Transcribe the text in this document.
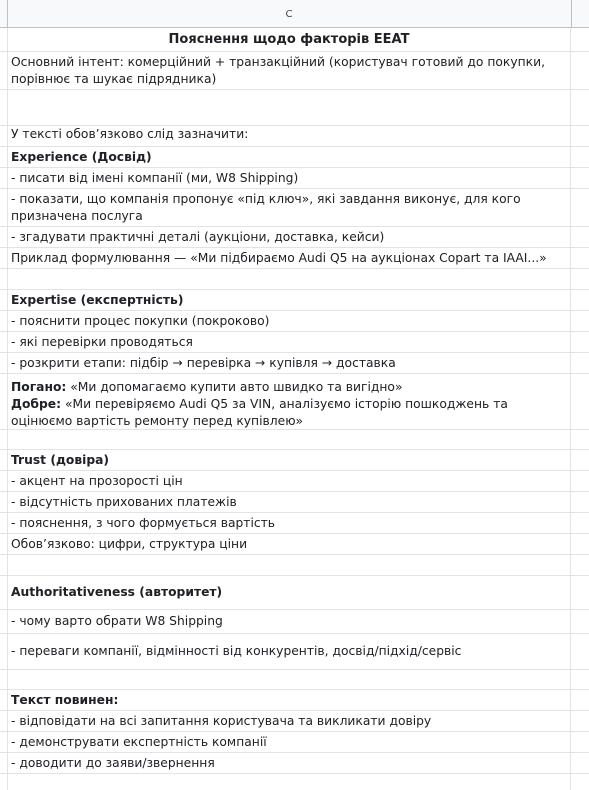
C
Пояснення щодо факторів EEAT
Основний інтент: комерційний + транзакційний (користувач готовий до покупки, порівнює та шукає підрядника)
У тексті обов’язково слід зазначити:
Experience (Досвід)
- писати від імені компанії (ми, W8 Shipping)
- показати, що компанія пропонує «під ключ», які завдання виконує, для кого призначена послуга
- згадувати практичні деталі (аукціони, доставка, кейси)
Приклад формулювання — «Ми підбираємо Audi Q5 на аукціонах Copart та IAAI...»
Expertise (експертність)
- пояснити процес покупки (покроково)
- які перевірки проводяться
- розкрити етапи: підбір → перевірка → купівля → доставка
Погано: «Ми допомагаємо купити авто швидко та вигідно»
Добре: «Ми перевіряємо Audi Q5 за VIN, аналізуємо історію пошкоджень та оцінюємо вартість ремонту перед купівлею»
Trust (довіра)
- акцент на прозорості цін
- відсутність прихованих платежів
- пояснення, з чого формується вартість
Обов’язково: цифри, структура ціни
Authoritativeness (авторитет)
- чому варто обрати W8 Shipping
- переваги компанії, відмінності від конкурентів, досвід/підхід/сервіс
Текст повинен:
- відповідати на всі запитання користувача та викликати довіру
- демонструвати експертність компанії
- доводити до заяви/звернення
